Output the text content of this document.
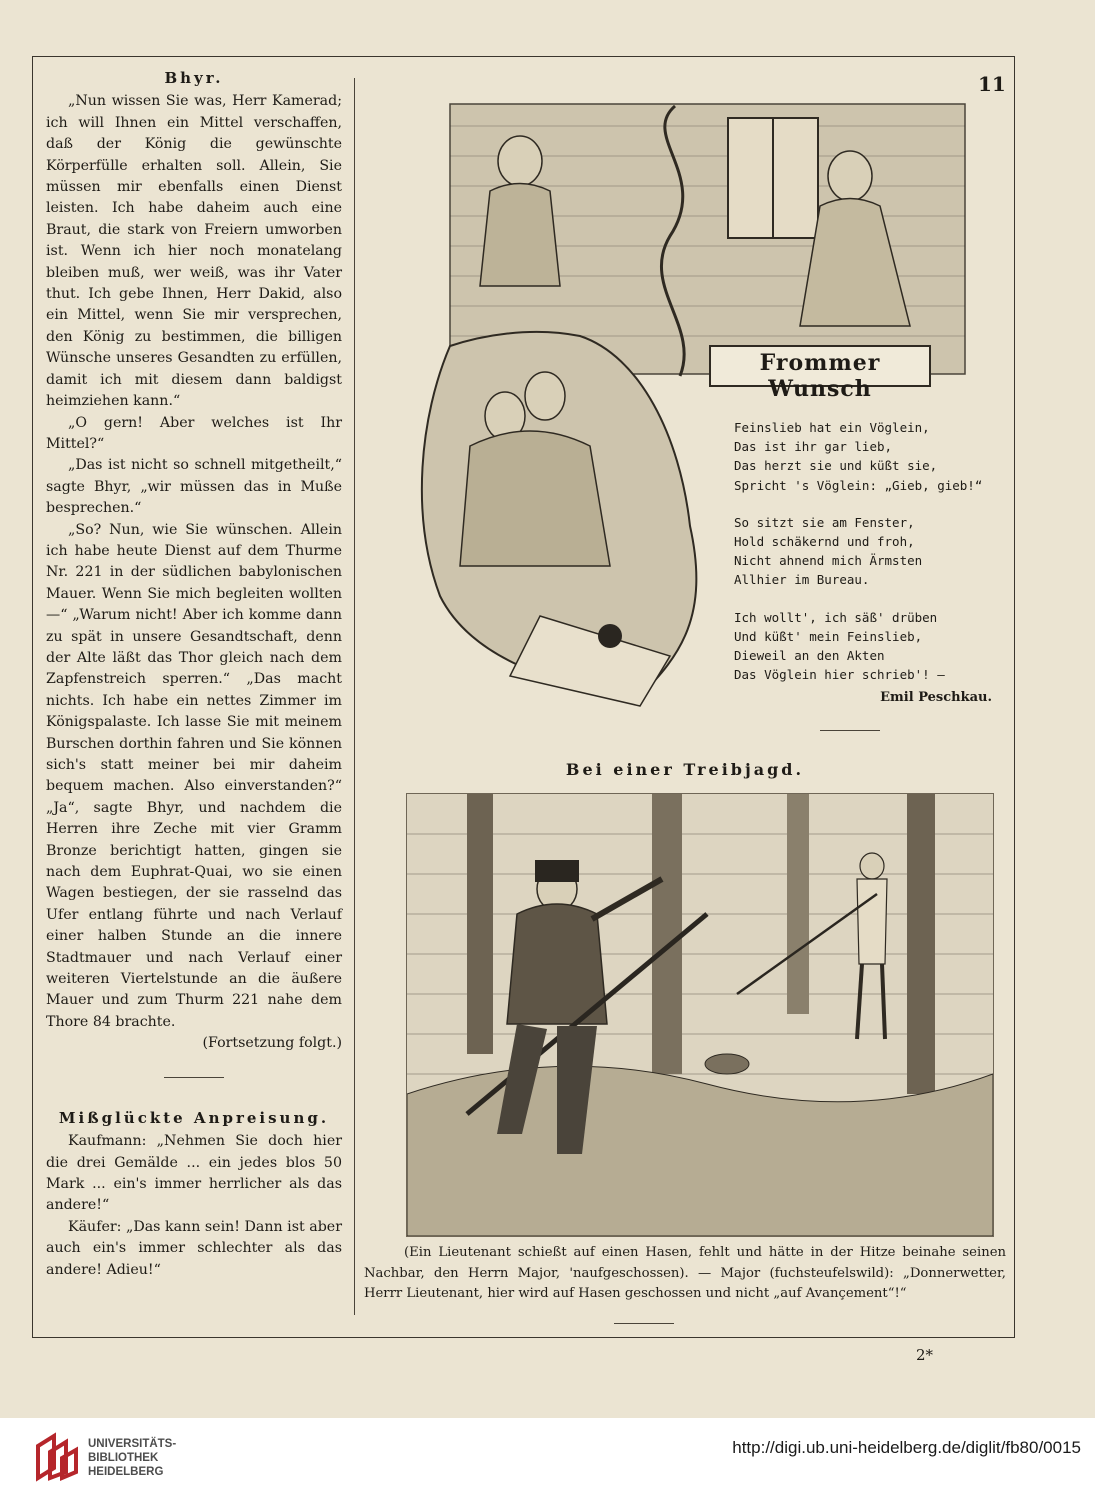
11
Bhyr.

„Nun wissen Sie was, Herr Kamerad; ich will Ihnen ein Mittel verschaffen, daß der König die gewünschte Körperfülle erhalten soll. Allein, Sie müssen mir ebenfalls einen Dienst leisten. Ich habe daheim auch eine Braut, die stark von Freiern umworben ist. Wenn ich hier noch monatelang bleiben muß, wer weiß, was ihr Vater thut. Ich gebe Ihnen, Herr Dakid, also ein Mittel, wenn Sie mir versprechen, den König zu bestimmen, die billigen Wünsche unseres Gesandten zu erfüllen, damit ich mit diesem dann baldigst heimziehen kann.“

„O gern! Aber welches ist Ihr Mittel?“

„Das ist nicht so schnell mitgetheilt,“ sagte Bhyr, „wir müssen das in Muße besprechen.“

„So? Nun, wie Sie wünschen. Allein ich habe heute Dienst auf dem Thurme Nr. 221 in der südlichen babylonischen Mauer. Wenn Sie mich begleiten wollten —“ „Warum nicht! Aber ich komme dann zu spät in unsere Gesandtschaft, denn der Alte läßt das Thor gleich nach dem Zapfenstreich sperren.“ „Das macht nichts. Ich habe ein nettes Zimmer im Königspalaste. Ich lasse Sie mit meinem Burschen dorthin fahren und Sie können sich's statt meiner bei mir daheim bequem machen. Also einverstanden?“ „Ja“, sagte Bhyr, und nachdem die Herren ihre Zeche mit vier Gramm Bronze berichtigt hatten, gingen sie nach dem Euphrat-Quai, wo sie einen Wagen bestiegen, der sie rasselnd das Ufer entlang führte und nach Verlauf einer halben Stunde an die innere Stadtmauer und nach Verlauf einer weiteren Viertelstunde an die äußere Mauer und zum Thurm 221 nahe dem Thore 84 brachte.

(Fortsetzung folgt.)

Mißglückte Anpreisung.

Kaufmann: „Nehmen Sie doch hier die drei Gemälde ... ein jedes blos 50 Mark ... ein's immer herrlicher als das andere!“

Käufer: „Das kann sein! Dann ist aber auch ein's immer schlechter als das andere! Adieu!“

Frommer Wunsch
Feinslieb hat ein Vöglein,
Das ist ihr gar lieb,
Das herzt sie und küßt sie,
Spricht 's Vöglein: „Gieb, gieb!“
So sitzt sie am Fenster,
Hold schäkernd und froh,
Nicht ahnend mich Ärmsten
Allhier im Bureau.
Ich wollt', ich säß' drüben
Und küßt' mein Feinslieb,
Dieweil an den Akten
Das Vöglein hier schrieb'! —
Emil Peschkau.
Bei einer Treibjagd.

(Ein Lieutenant schießt auf einen Hasen, fehlt und hätte in der Hitze beinahe seinen Nachbar, den Herrn Major, 'naufgeschossen). — Major (fuchsteufelswild): „Donnerwetter, Herrr Lieutenant, hier wird auf Hasen geschossen und nicht „auf Avançement“!“

2*
UNIVERSITÄTS-
BIBLIOTHEK
HEIDELBERG
http://digi.ub.uni-heidelberg.de/diglit/fb80/0015
